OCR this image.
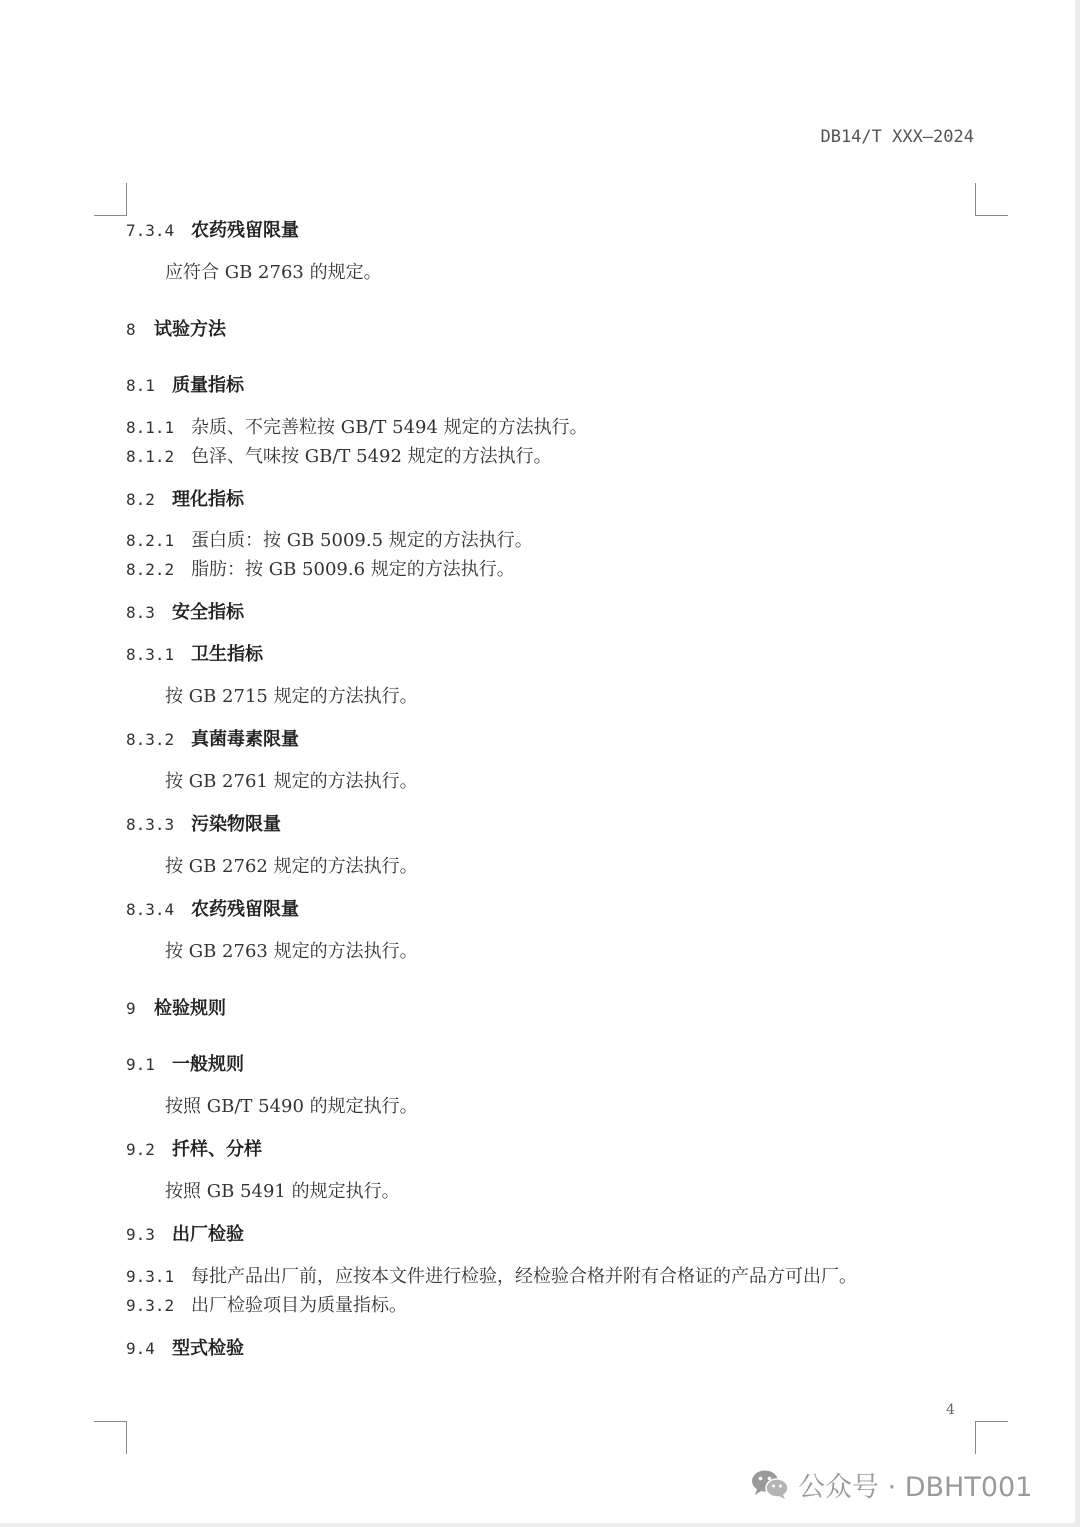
DB14/T XXX—2024
7.3.4 农药残留限量
应符合 GB 2763 的规定。
8 试验方法
8.1 质量指标
8.1.1 杂质、不完善粒按 GB/T 5494 规定的方法执行。
8.1.2 色泽、气味按 GB/T 5492 规定的方法执行。
8.2 理化指标
8.2.1 蛋白质：按 GB 5009.5 规定的方法执行。
8.2.2 脂肪：按 GB 5009.6 规定的方法执行。
8.3 安全指标
8.3.1 卫生指标
按 GB 2715 规定的方法执行。
8.3.2 真菌毒素限量
按 GB 2761 规定的方法执行。
8.3.3 污染物限量
按 GB 2762 规定的方法执行。
8.3.4 农药残留限量
按 GB 2763 规定的方法执行。
9 检验规则
9.1 一般规则
按照 GB/T 5490 的规定执行。
9.2 扦样、分样
按照 GB 5491 的规定执行。
9.3 出厂检验
9.3.1 每批产品出厂前，应按本文件进行检验，经检验合格并附有合格证的产品方可出厂。
9.3.2 出厂检验项目为质量指标。
9.4 型式检验
4
公众号 · DBHT001
